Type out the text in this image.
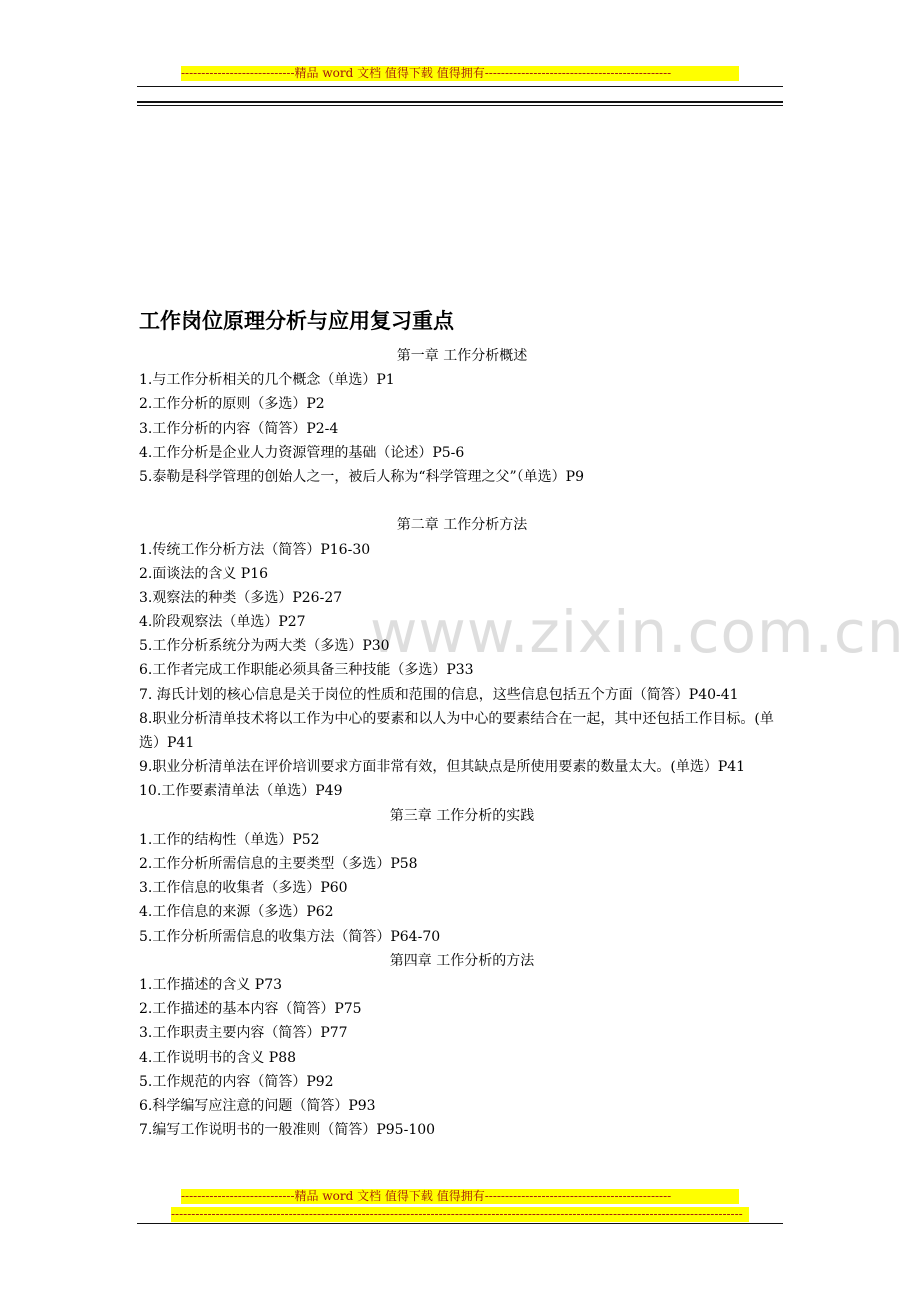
----------------------------精品 word 文档 值得下载 值得拥有----------------------------------------------
工作岗位原理分析与应用复习重点
www.zixin.com.cn
第一章 工作分析概述
1.与工作分析相关的几个概念（单选）P1
2.工作分析的原则（多选）P2
3.工作分析的内容（简答）P2-4
4.工作分析是企业人力资源管理的基础（论述）P5-6
5.泰勒是科学管理的创始人之一，被后人称为“科学管理之父”（单选）P9
第二章 工作分析方法
1.传统工作分析方法（简答）P16-30
2.面谈法的含义 P16
3.观察法的种类（多选）P26-27
4.阶段观察法（单选）P27
5.工作分析系统分为两大类（多选）P30
6.工作者完成工作职能必须具备三种技能（多选）P33
7. 海氏计划的核心信息是关于岗位的性质和范围的信息，这些信息包括五个方面（简答）P40-41
8.职业分析清单技术将以工作为中心的要素和以人为中心的要素结合在一起，其中还包括工作目标。(单选）P41
9.职业分析清单法在评价培训要求方面非常有效，但其缺点是所使用要素的数量太大。(单选）P41
10.工作要素清单法（单选）P49
第三章 工作分析的实践
1.工作的结构性（单选）P52
2.工作分析所需信息的主要类型（多选）P58
3.工作信息的收集者（多选）P60
4.工作信息的来源（多选）P62
5.工作分析所需信息的收集方法（简答）P64-70
第四章 工作分析的方法
1.工作描述的含义 P73
2.工作描述的基本内容（简答）P75
3.工作职责主要内容（简答）P77
4.工作说明书的含义 P88
5.工作规范的内容（简答）P92
6.科学编写应注意的问题（简答）P93
7.编写工作说明书的一般准则（简答）P95-100
----------------------------精品 word 文档 值得下载 值得拥有----------------------------------------------
---------------------------------------------------------------------------------------------------------------------------------------------
